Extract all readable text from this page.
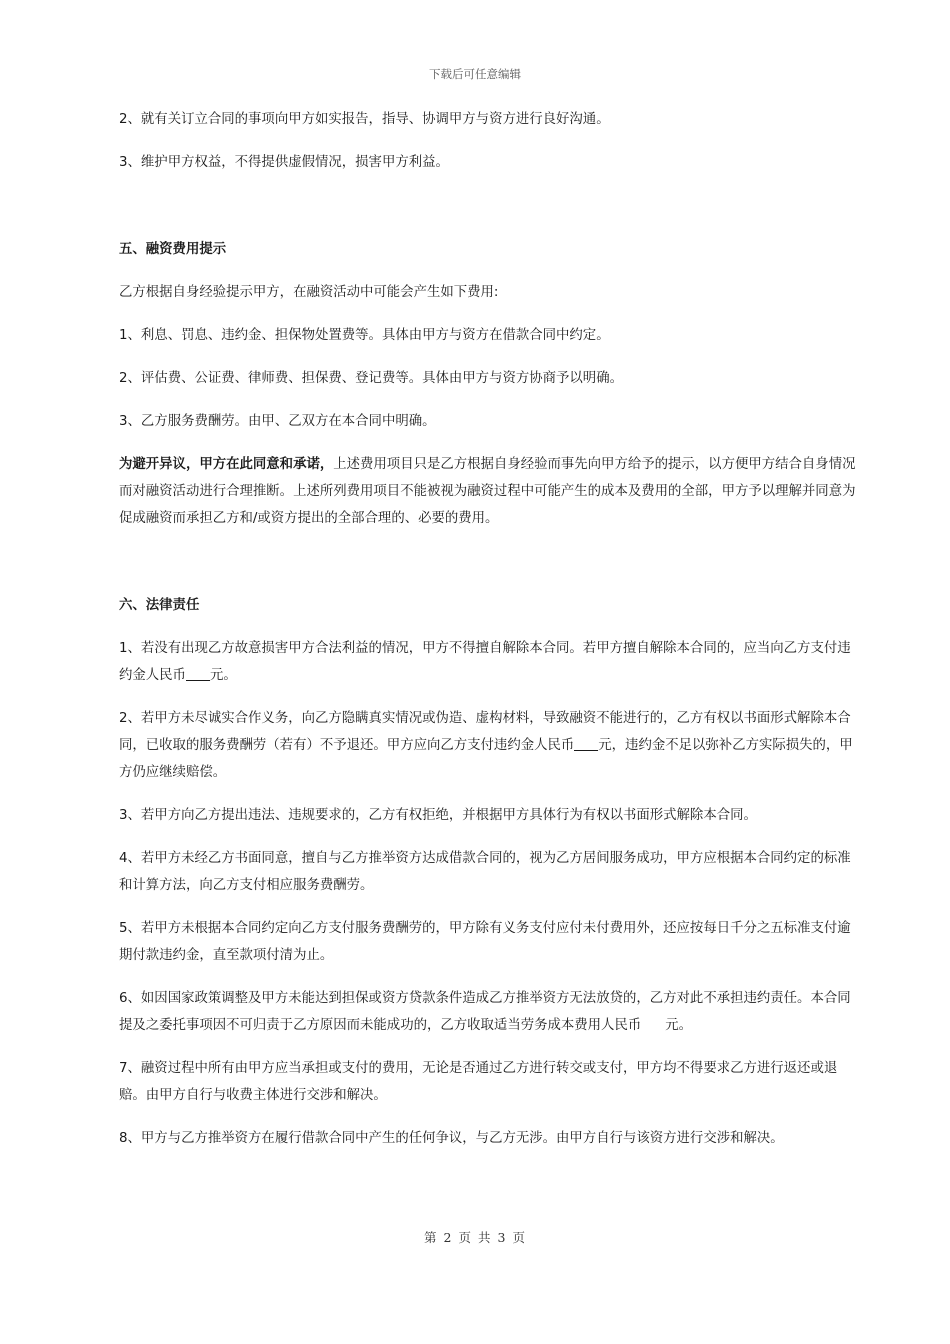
下载后可任意编辑

2、就有关订立合同的事项向甲方如实报告，指导、协调甲方与资方进行良好沟通。

3、维护甲方权益，不得提供虚假情况，损害甲方利益。

五、融资费用提示

乙方根据自身经验提示甲方，在融资活动中可能会产生如下费用:

1、利息、罚息、违约金、担保物处置费等。具体由甲方与资方在借款合同中约定。

2、评估费、公证费、律师费、担保费、登记费等。具体由甲方与资方协商予以明确。

3、乙方服务费酬劳。由甲、乙双方在本合同中明确。

为避开异议，甲方在此同意和承诺，上述费用项目只是乙方根据自身经验而事先向甲方给予的提示，以方便甲方结合自身情况而对融资活动进行合理推断。上述所列费用项目不能被视为融资过程中可能产生的成本及费用的全部，甲方予以理解并同意为促成融资而承担乙方和/或资方提出的全部合理的、必要的费用。

六、法律责任

1、若没有出现乙方故意损害甲方合法利益的情况，甲方不得擅自解除本合同。若甲方擅自解除本合同的，应当向乙方支付违约金人民币 元。

2、若甲方未尽诚实合作义务，向乙方隐瞒真实情况或伪造、虚构材料，导致融资不能进行的，乙方有权以书面形式解除本合同，已收取的服务费酬劳（若有）不予退还。甲方应向乙方支付违约金人民币 元，违约金不足以弥补乙方实际损失的，甲方仍应继续赔偿。

3、若甲方向乙方提出违法、违规要求的，乙方有权拒绝，并根据甲方具体行为有权以书面形式解除本合同。

4、若甲方未经乙方书面同意，擅自与乙方推举资方达成借款合同的，视为乙方居间服务成功，甲方应根据本合同约定的标准和计算方法，向乙方支付相应服务费酬劳。

5、若甲方未根据本合同约定向乙方支付服务费酬劳的，甲方除有义务支付应付未付费用外，还应按每日千分之五标准支付逾期付款违约金，直至款项付清为止。

6、如因国家政策调整及甲方未能达到担保或资方贷款条件造成乙方推举资方无法放贷的，乙方对此不承担违约责任。本合同提及之委托事项因不可归责于乙方原因而未能成功的，乙方收取适当劳务成本费用人民币 元。

7、融资过程中所有由甲方应当承担或支付的费用，无论是否通过乙方进行转交或支付，甲方均不得要求乙方进行返还或退赔。由甲方自行与收费主体进行交涉和解决。

8、甲方与乙方推举资方在履行借款合同中产生的任何争议，与乙方无涉。由甲方自行与该资方进行交涉和解决。

第 2 页 共 3 页
